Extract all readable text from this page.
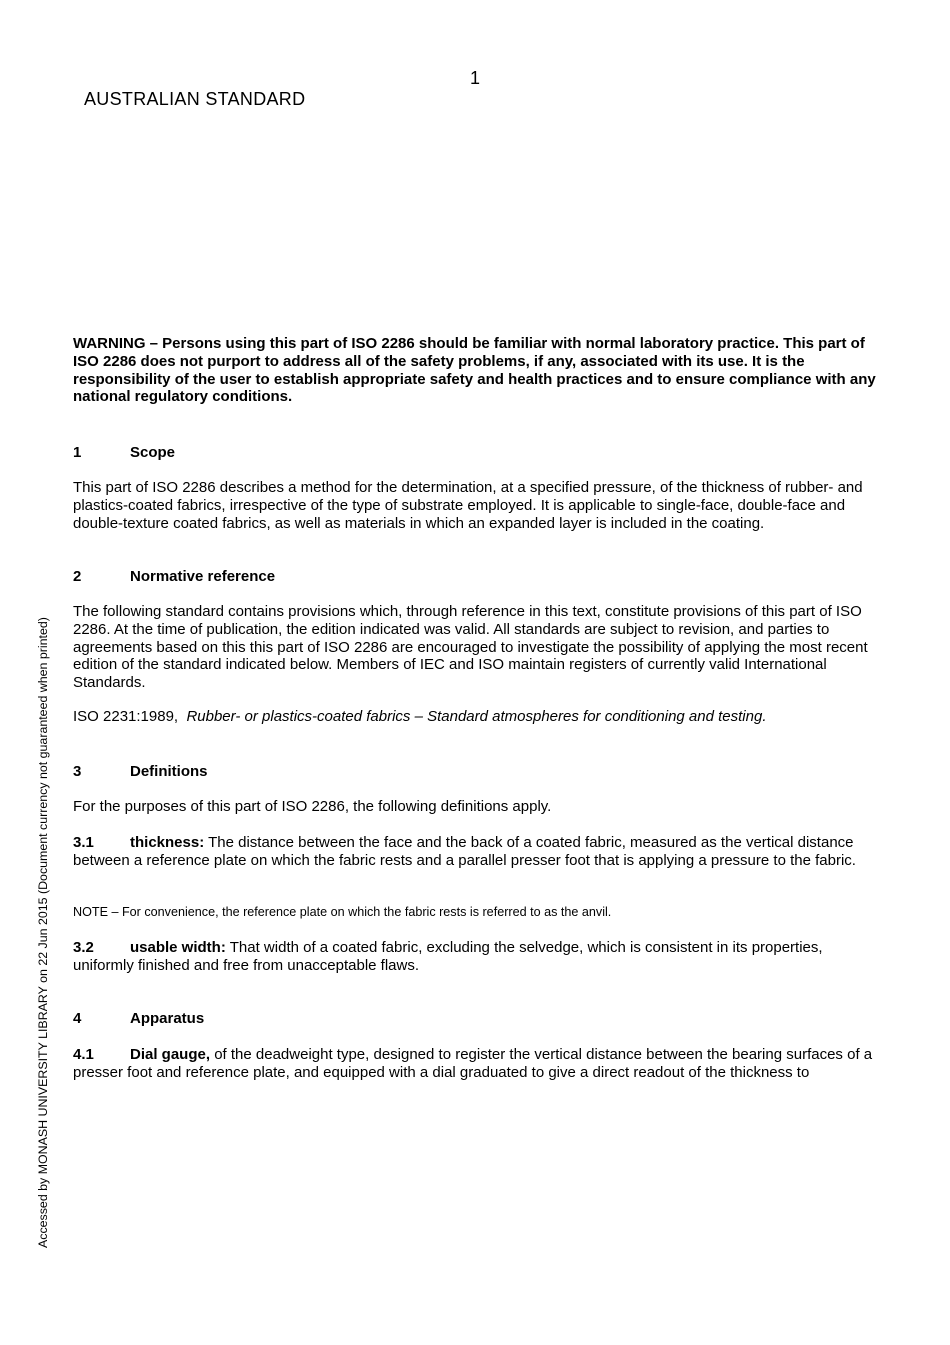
1
AUSTRALIAN STANDARD
Accessed by MONASH UNIVERSITY LIBRARY on 22 Jun 2015 (Document currency not guaranteed when printed)

WARNING – Persons using this part of ISO 2286 should be familiar with normal laboratory practice. This part of ISO 2286 does not purport to address all of the safety problems, if any, associated with its use. It is the responsibility of the user to establish appropriate safety and health practices and to ensure compliance with any national regulatory conditions.

1	Scope

This part of ISO 2286 describes a method for the determination, at a specified pressure, of the thickness of rubber- and plastics-coated fabrics, irrespective of the type of substrate employed. It is applicable to single-face, double-face and double-texture coated fabrics, as well as materials in which an expanded layer is included in the coating.

2	Normative reference

The following standard contains provisions which, through reference in this text, constitute provisions of this part of ISO 2286. At the time of publication, the edition indicated was valid. All standards are subject to revision, and parties to agreements based on this this part of ISO 2286 are encouraged to investigate the possibility of applying the most recent edition of the standard indicated below. Members of IEC and ISO maintain registers of currently valid International Standards.

ISO 2231:1989, Rubber- or plastics-coated fabrics – Standard atmospheres for conditioning and testing.

3	Definitions

For the purposes of this part of ISO 2286, the following definitions apply.

3.1 thickness: The distance between the face and the back of a coated fabric, measured as the vertical distance between a reference plate on which the fabric rests and a parallel presser foot that is applying a pressure to the fabric.

NOTE – For convenience, the reference plate on which the fabric rests is referred to as the anvil.

3.2 usable width: That width of a coated fabric, excluding the selvedge, which is consistent in its properties, uniformly finished and free from unacceptable flaws.

4	Apparatus

4.1 Dial gauge, of the deadweight type, designed to register the vertical distance between the bearing surfaces of a presser foot and reference plate, and equipped with a dial graduated to give a direct readout of the thickness to
